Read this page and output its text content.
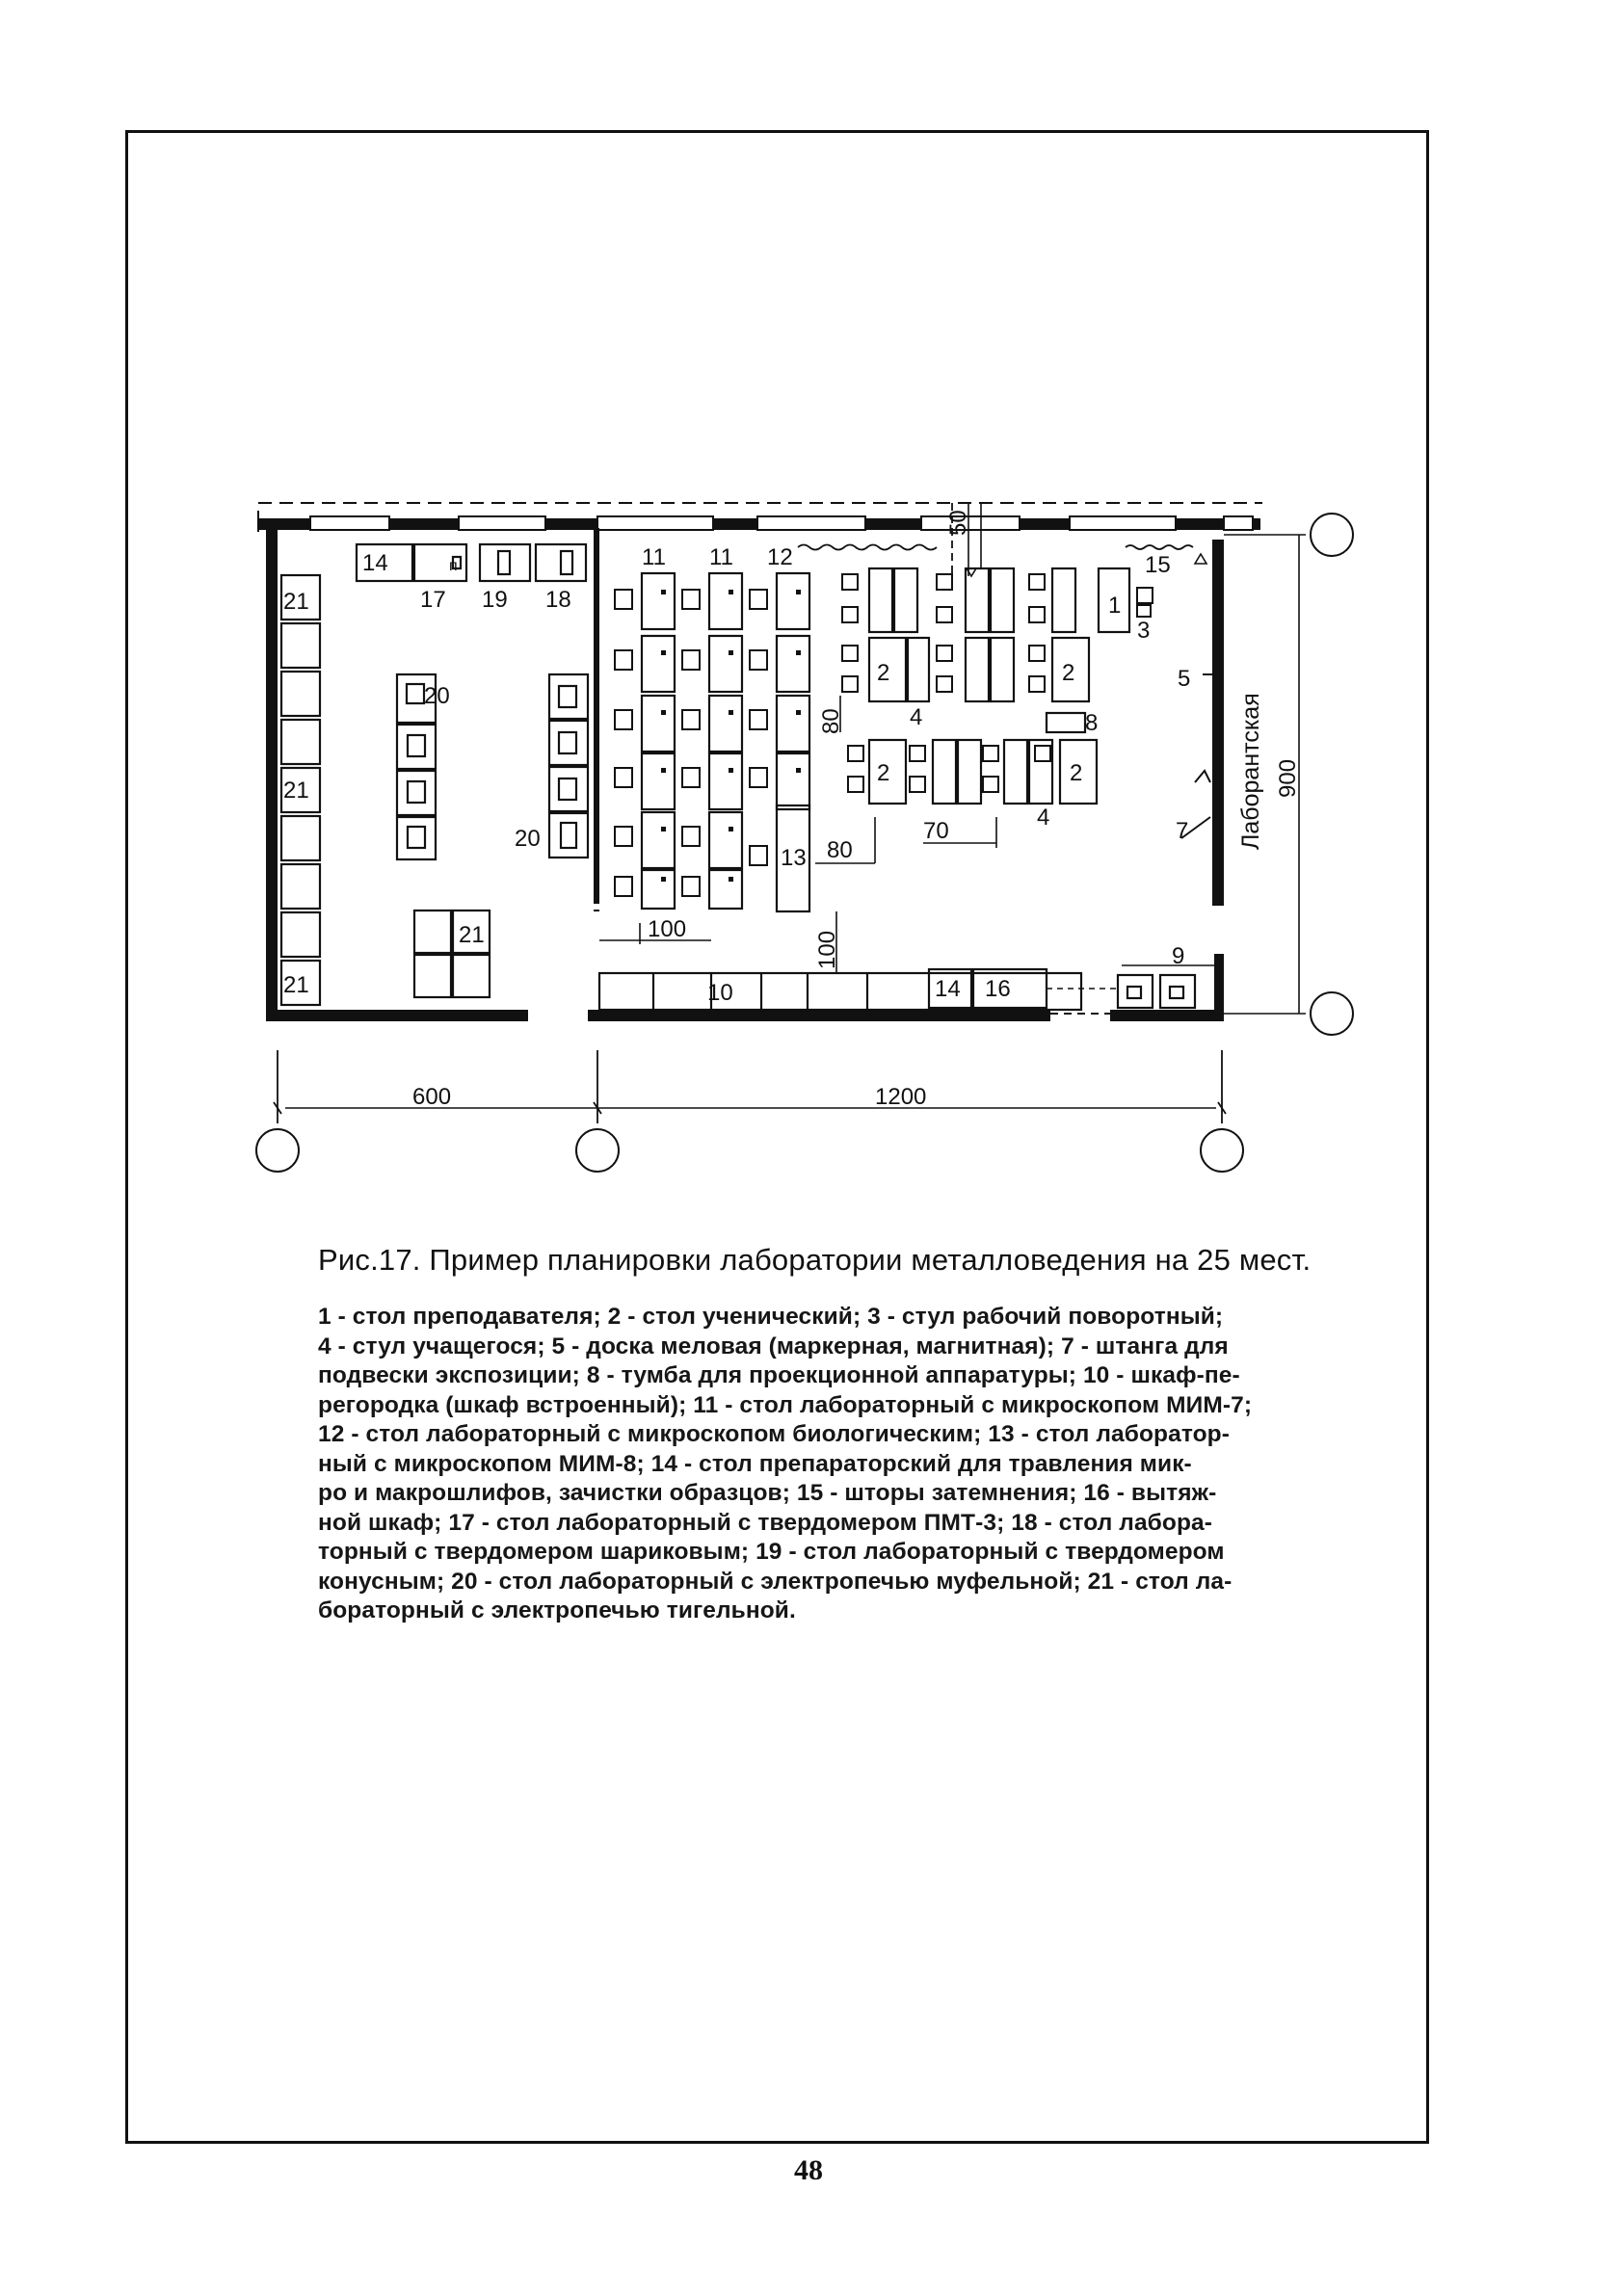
14	п
17 19 18
21
21
21
21
20
20
11 11 12
13
2	2
2	2
4
4
1
3
15
5
8
7
9
10	14 16
80
70
100
600	1200
50
80
100
900
Лаборантская
Рис.17. Пример планировки лаборатории металловедения на 25 мест.
1 - стол преподавателя; 2 - стол ученический; 3 - стул рабочий поворотный;
4 - стул учащегося; 5 - доска меловая (маркерная, магнитная); 7 - штанга для
подвески экспозиции; 8 - тумба для проекционной аппаратуры; 10 - шкаф-пе-
регородка (шкаф встроенный); 11 - стол лабораторный с микроскопом МИМ-7;
12 - стол лабораторный с микроскопом биологическим; 13 - стол лаборатор-
ный с микроскопом МИМ-8; 14 - стол препараторский для травления мик-
ро и макрошлифов, зачистки образцов; 15 - шторы затемнения; 16 - вытяж-
ной шкаф; 17 - стол лабораторный с твердомером ПМТ-3; 18 - стол лабора-
торный с твердомером шариковым; 19 - стол лабораторный с твердомером
конусным; 20 - стол лабораторный с электропечью муфельной; 21 - стол ла-
бораторный с электропечью тигельной.
48
